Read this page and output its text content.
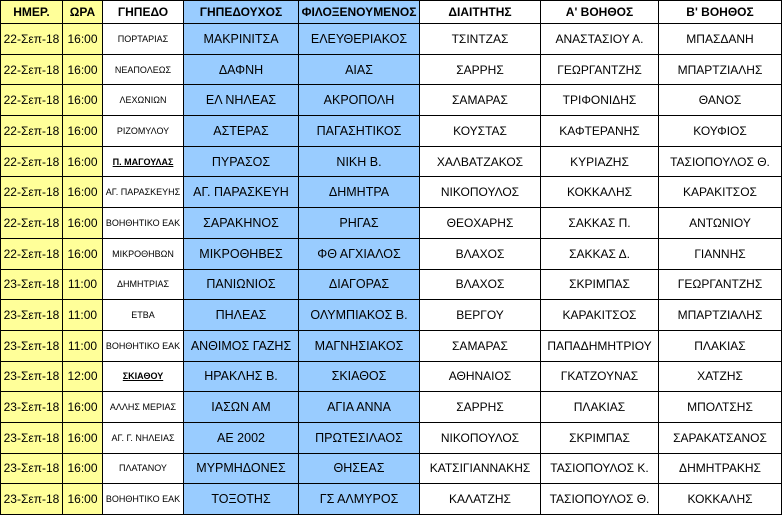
ΗΜΕΡ.	ΩΡΑ	ΓΗΠΕΔΟ	ΓΗΠΕΔΟΥΧΟΣ	ΦΙΛΟΞΕΝΟΥΜΕΝΟΣ	ΔΙΑΙΤΗΤΗΣ	Α' ΒΟΗΘΟΣ	Β' ΒΟΗΘΟΣ
22-Σεπ-18	16:00	ΠΟΡΤΑΡΙΑΣ	ΜΑΚΡΙΝΙΤΣΑ	ΕΛΕΥΘΕΡΙΑΚΟΣ	ΤΣΙΝΤΖΑΣ	ΑΝΑΣΤΑΣΙΟΥ Α.	ΜΠΑΣΔΑΝΗ
22-Σεπ-18	16:00	ΝΕΑΠΟΛΕΩΣ	ΔΑΦΝΗ	ΑΙΑΣ	ΣΑΡΡΗΣ	ΓΕΩΡΓΑΝΤΖΗΣ	ΜΠΑΡΤΖΙΑΛΗΣ
22-Σεπ-18	16:00	ΛΕΧΩΝΙΩΝ	ΕΛ ΝΗΛΕΑΣ	ΑΚΡΟΠΟΛΗ	ΣΑΜΑΡΑΣ	ΤΡΙΦΟΝΙΔΗΣ	ΘΑΝΟΣ
22-Σεπ-18	16:00	ΡΙΖΟΜΥΛΟΥ	ΑΣΤΕΡΑΣ	ΠΑΓΑΣΗΤΙΚΟΣ	ΚΟΥΣΤΑΣ	ΚΑΦΤΕΡΑΝΗΣ	ΚΟΥΦΙΟΣ
22-Σεπ-18	16:00	Π. ΜΑΓΟΥΛΑΣ	ΠΥΡΑΣΟΣ	ΝΙΚΗ Β.	ΧΑΛΒΑΤΖΑΚΟΣ	ΚΥΡΙΑΖΗΣ	ΤΑΣΙΟΠΟΥΛΟΣ Θ.
22-Σεπ-18	16:00	ΑΓ. ΠΑΡΑΣΚΕΥΗΣ	ΑΓ. ΠΑΡΑΣΚΕΥΗ	ΔΗΜΗΤΡΑ	ΝΙΚΟΠΟΥΛΟΣ	ΚΟΚΚΑΛΗΣ	ΚΑΡΑΚΙΤΣΟΣ
22-Σεπ-18	16:00	ΒΟΗΘΗΤΙΚΟ ΕΑΚ	ΣΑΡΑΚΗΝΟΣ	ΡΗΓΑΣ	ΘΕΟΧΑΡΗΣ	ΣΑΚΚΑΣ Π.	ΑΝΤΩΝΙΟΥ
22-Σεπ-18	16:00	ΜΙΚΡΟΘΗΒΩΝ	ΜΙΚΡΟΘΗΒΕΣ	ΦΘ ΑΓΧΙΑΛΟΣ	ΒΛΑΧΟΣ	ΣΑΚΚΑΣ Δ.	ΓΙΑΝΝΗΣ
23-Σεπ-18	11:00	ΔΗΜΗΤΡΙΑΣ	ΠΑΝΙΩΝΙΟΣ	ΔΙΑΓΟΡΑΣ	ΒΛΑΧΟΣ	ΣΚΡΙΜΠΑΣ	ΓΕΩΡΓΑΝΤΖΗΣ
23-Σεπ-18	11:00	ΕΤΒΑ	ΠΗΛΕΑΣ	ΟΛΥΜΠΙΑΚΟΣ Β.	ΒΕΡΓΟΥ	ΚΑΡΑΚΙΤΣΟΣ	ΜΠΑΡΤΖΙΑΛΗΣ
23-Σεπ-18	11:00	ΒΟΗΘΗΤΙΚΟ ΕΑΚ	ΑΝΘΙΜΟΣ ΓΑΖΗΣ	ΜΑΓΝΗΣΙΑΚΟΣ	ΣΑΜΑΡΑΣ	ΠΑΠΑΔΗΜΗΤΡΙΟΥ	ΠΛΑΚΙΑΣ
23-Σεπ-18	12:00	ΣΚΙΑΘΟΥ	ΗΡΑΚΛΗΣ Β.	ΣΚΙΑΘΟΣ	ΑΘΗΝΑΙΟΣ	ΓΚΑΤΖΟΥΝΑΣ	ΧΑΤΖΗΣ
23-Σεπ-18	16:00	ΑΛΛΗΣ ΜΕΡΙΑΣ	ΙΑΣΩΝ ΑΜ	ΑΓΙΑ ΑΝΝΑ	ΣΑΡΡΗΣ	ΠΛΑΚΙΑΣ	ΜΠΟΛΤΣΗΣ
23-Σεπ-18	16:00	ΑΓ. Γ. ΝΗΛΕΙΑΣ	ΑΕ 2002	ΠΡΩΤΕΣΙΛΑΟΣ	ΝΙΚΟΠΟΥΛΟΣ	ΣΚΡΙΜΠΑΣ	ΣΑΡΑΚΑΤΣΑΝΟΣ
23-Σεπ-18	16:00	ΠΛΑΤΑΝΟΥ	ΜΥΡΜΗΔΟΝΕΣ	ΘΗΣΕΑΣ	ΚΑΤΣΙΓΙΑΝΝΑΚΗΣ	ΤΑΣΙΟΠΟΥΛΟΣ Κ.	ΔΗΜΗΤΡΑΚΗΣ
23-Σεπ-18	16:00	ΒΟΗΘΗΤΙΚΟ ΕΑΚ	ΤΟΞΟΤΗΣ	ΓΣ ΑΛΜΥΡΟΣ	ΚΑΛΑΤΖΗΣ	ΤΑΣΙΟΠΟΥΛΟΣ Θ.	ΚΟΚΚΑΛΗΣ
